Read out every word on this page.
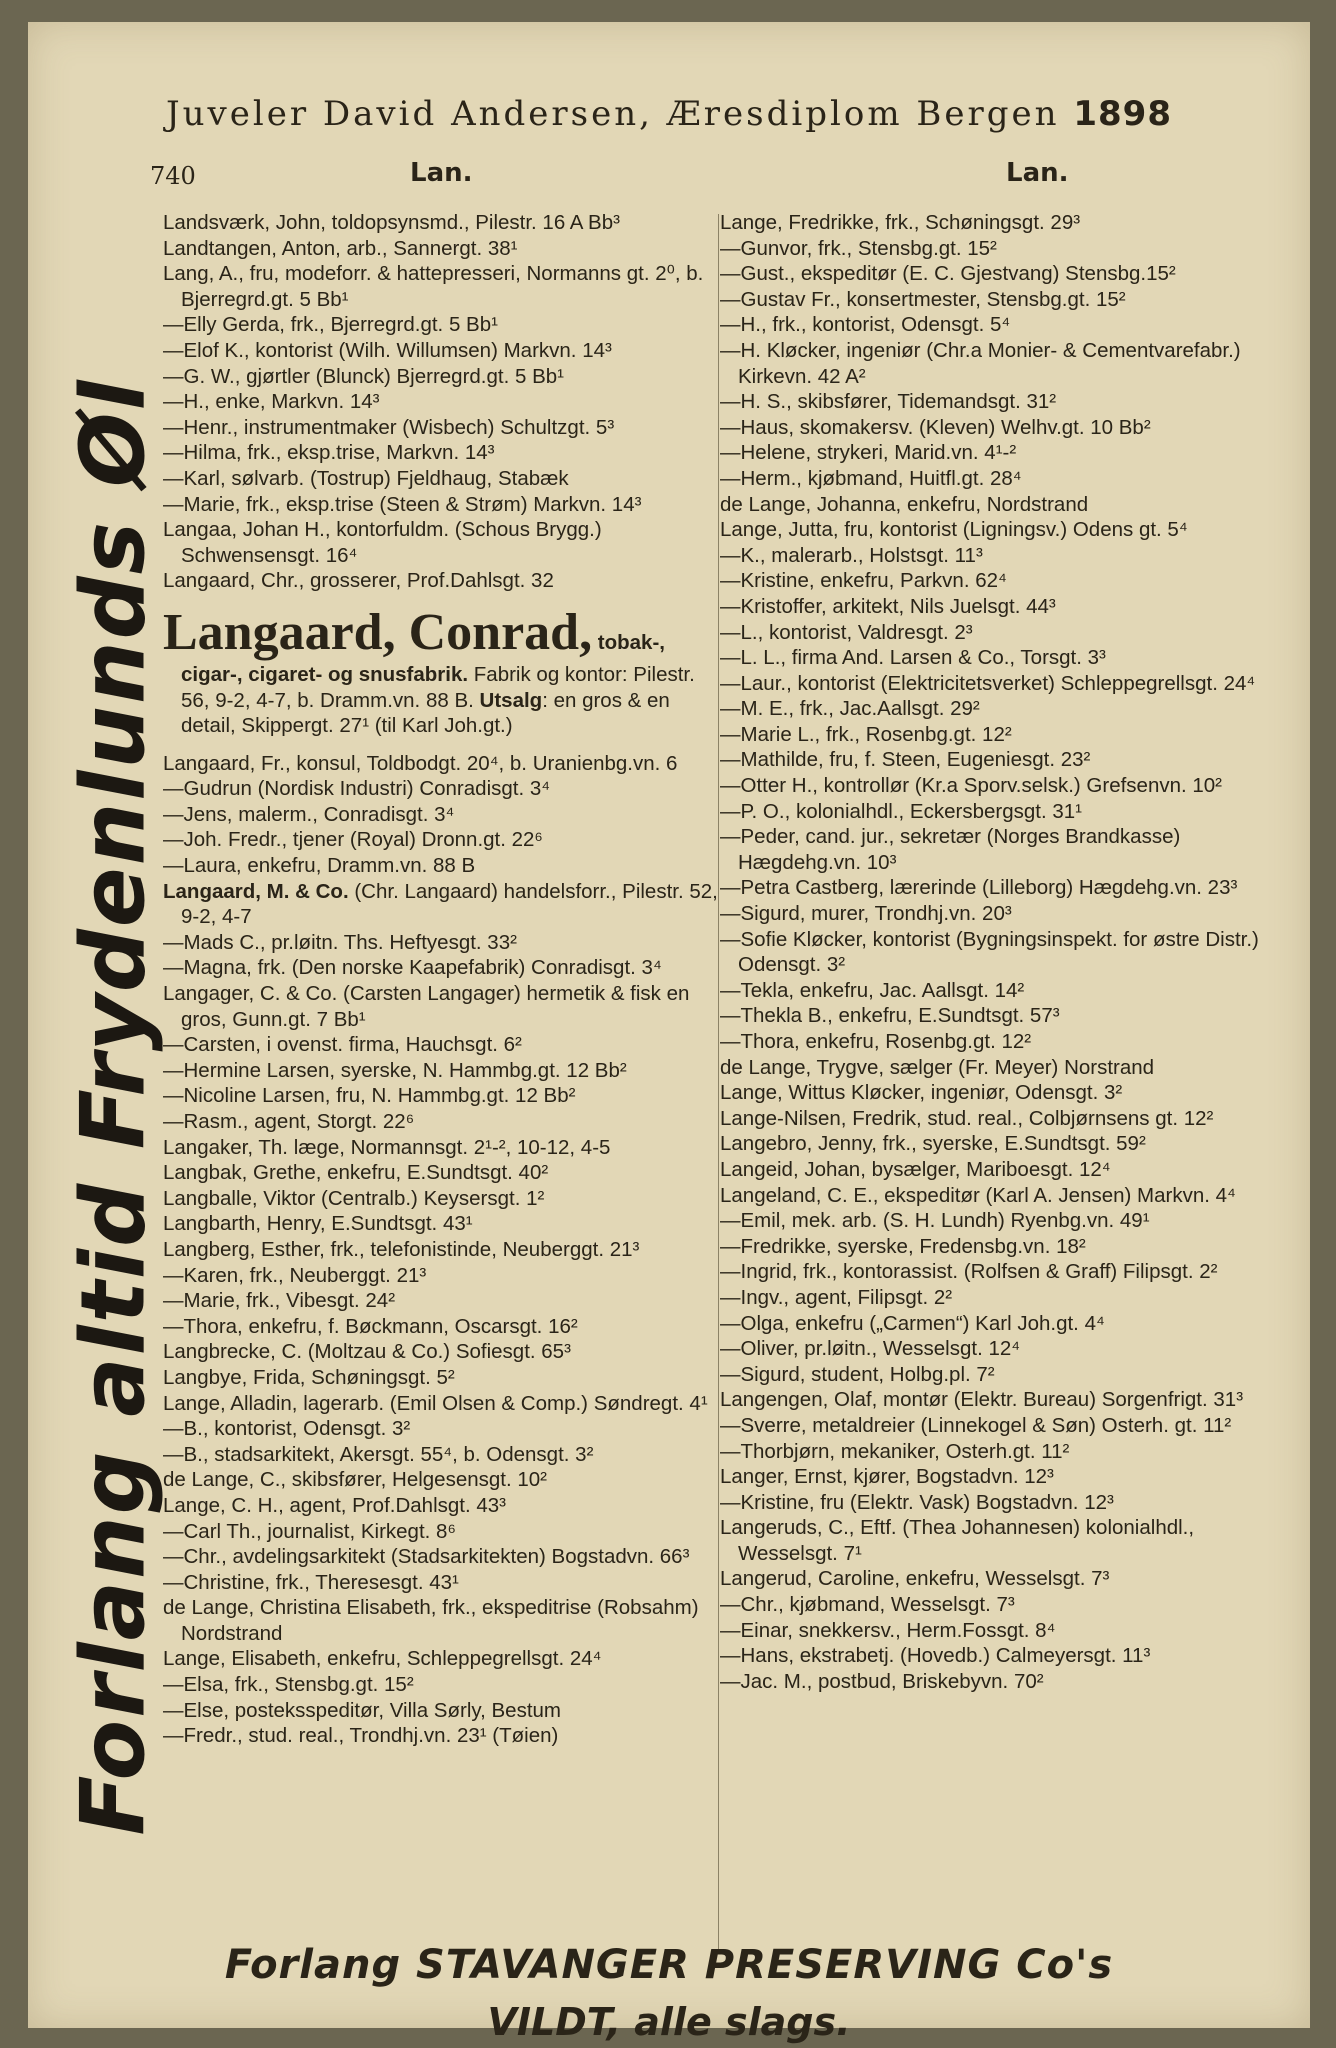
Juveler David Andersen, Æresdiplom Bergen 1898
740	Lan.	Lan.
Forlang altid Frydenlunds Øl

Landsværk, John, toldopsynsmd., Pilestr. 16 A Bb³

Landtangen, Anton, arb., Sannergt. 38¹

Lang, A., fru, modeforr. & hattepresseri, Normanns gt. 2⁰, b. Bjerregrd.gt. 5 Bb¹

—Elly Gerda, frk., Bjerregrd.gt. 5 Bb¹

—Elof K., kontorist (Wilh. Willumsen) Markvn. 14³

—G. W., gjørtler (Blunck) Bjerregrd.gt. 5 Bb¹

—H., enke, Markvn. 14³

—Henr., instrumentmaker (Wisbech) Schultzgt. 5³

—Hilma, frk., eksp.trise, Markvn. 14³

—Karl, sølvarb. (Tostrup) Fjeldhaug, Stabæk

—Marie, frk., eksp.trise (Steen & Strøm) Markvn. 14³

Langaa, Johan H., kontorfuldm. (Schous Brygg.) Schwensensgt. 16⁴

Langaard, Chr., grosserer, Prof.Dahlsgt. 32

Langaard, Conrad, tobak-, cigar-, cigaret- og snusfabrik. Fabrik og kontor: Pilestr. 56, 9-2, 4-7, b. Dramm.vn. 88 B. Utsalg: en gros & en detail, Skippergt. 27¹ (til Karl Joh.gt.)

Langaard, Fr., konsul, Toldbodgt. 20⁴, b. Uranienbg.vn. 6

—Gudrun (Nordisk Industri) Conradisgt. 3⁴

—Jens, malerm., Conradisgt. 3⁴

—Joh. Fredr., tjener (Royal) Dronn.gt. 22⁶

—Laura, enkefru, Dramm.vn. 88 B

Langaard, M. & Co. (Chr. Langaard) handelsforr., Pilestr. 52, 9-2, 4-7

—Mads C., pr.løitn. Ths. Heftyesgt. 33²

—Magna, frk. (Den norske Kaapefabrik) Conradisgt. 3⁴

Langager, C. & Co. (Carsten Langager) hermetik & fisk en gros, Gunn.gt. 7 Bb¹

—Carsten, i ovenst. firma, Hauchsgt. 6²

—Hermine Larsen, syerske, N. Hammbg.gt. 12 Bb²

—Nicoline Larsen, fru, N. Hammbg.gt. 12 Bb²

—Rasm., agent, Storgt. 22⁶

Langaker, Th. læge, Normannsgt. 2¹-², 10-12, 4-5

Langbak, Grethe, enkefru, E.Sundtsgt. 40²

Langballe, Viktor (Centralb.) Keysersgt. 1²

Langbarth, Henry, E.Sundtsgt. 43¹

Langberg, Esther, frk., telefonistinde, Neuberggt. 21³

—Karen, frk., Neuberggt. 21³

—Marie, frk., Vibesgt. 24²

—Thora, enkefru, f. Bøckmann, Oscarsgt. 16²

Langbrecke, C. (Moltzau & Co.) Sofiesgt. 65³

Langbye, Frida, Schøningsgt. 5²

Lange, Alladin, lagerarb. (Emil Olsen & Comp.) Søndregt. 4¹

—B., kontorist, Odensgt. 3²

—B., stadsarkitekt, Akersgt. 55⁴, b. Odensgt. 3²

de Lange, C., skibsfører, Helgesensgt. 10²

Lange, C. H., agent, Prof.Dahlsgt. 43³

—Carl Th., journalist, Kirkegt. 8⁶

—Chr., avdelingsarkitekt (Stadsarkitekten) Bogstadvn. 66³

—Christine, frk., Theresesgt. 43¹

de Lange, Christina Elisabeth, frk., ekspeditrise (Robsahm) Nordstrand

Lange, Elisabeth, enkefru, Schleppegrellsgt. 24⁴

—Elsa, frk., Stensbg.gt. 15²

—Else, posteksspeditør, Villa Sørly, Bestum

—Fredr., stud. real., Trondhj.vn. 23¹ (Tøien)

Lange, Fredrikke, frk., Schøningsgt. 29³

—Gunvor, frk., Stensbg.gt. 15²

—Gust., ekspeditør (E. C. Gjestvang) Stensbg.15²

—Gustav Fr., konsertmester, Stensbg.gt. 15²

—H., frk., kontorist, Odensgt. 5⁴

—H. Kløcker, ingeniør (Chr.a Monier- & Cementvarefabr.) Kirkevn. 42 A²

—H. S., skibsfører, Tidemandsgt. 31²

—Haus, skomakersv. (Kleven) Welhv.gt. 10 Bb²

—Helene, strykeri, Marid.vn. 4¹-²

—Herm., kjøbmand, Huitfl.gt. 28⁴

de Lange, Johanna, enkefru, Nordstrand

Lange, Jutta, fru, kontorist (Ligningsv.) Odens gt. 5⁴

—K., malerarb., Holstsgt. 11³

—Kristine, enkefru, Parkvn. 62⁴

—Kristoffer, arkitekt, Nils Juelsgt. 44³

—L., kontorist, Valdresgt. 2³

—L. L., firma And. Larsen & Co., Torsgt. 3³

—Laur., kontorist (Elektricitetsverket) Schleppegrellsgt. 24⁴

—M. E., frk., Jac.Aallsgt. 29²

—Marie L., frk., Rosenbg.gt. 12²

—Mathilde, fru, f. Steen, Eugeniesgt. 23²

—Otter H., kontrollør (Kr.a Sporv.selsk.) Grefsenvn. 10²

—P. O., kolonialhdl., Eckersbergsgt. 31¹

—Peder, cand. jur., sekretær (Norges Brandkasse) Hægdehg.vn. 10³

—Petra Castberg, lærerinde (Lilleborg) Hægdehg.vn. 23³

—Sigurd, murer, Trondhj.vn. 20³

—Sofie Kløcker, kontorist (Bygningsinspekt. for østre Distr.) Odensgt. 3²

—Tekla, enkefru, Jac. Aallsgt. 14²

—Thekla B., enkefru, E.Sundtsgt. 57³

—Thora, enkefru, Rosenbg.gt. 12²

de Lange, Trygve, sælger (Fr. Meyer) Norstrand

Lange, Wittus Kløcker, ingeniør, Odensgt. 3²

Lange-Nilsen, Fredrik, stud. real., Colbjørnsens gt. 12²

Langebro, Jenny, frk., syerske, E.Sundtsgt. 59²

Langeid, Johan, bysælger, Mariboesgt. 12⁴

Langeland, C. E., ekspeditør (Karl A. Jensen) Markvn. 4⁴

—Emil, mek. arb. (S. H. Lundh) Ryenbg.vn. 49¹

—Fredrikke, syerske, Fredensbg.vn. 18²

—Ingrid, frk., kontorassist. (Rolfsen & Graff) Filipsgt. 2²

—Ingv., agent, Filipsgt. 2²

—Olga, enkefru („Carmen“) Karl Joh.gt. 4⁴

—Oliver, pr.løitn., Wesselsgt. 12⁴

—Sigurd, student, Holbg.pl. 7²

Langengen, Olaf, montør (Elektr. Bureau) Sorgenfrigt. 31³

—Sverre, metaldreier (Linnekogel & Søn) Osterh. gt. 11²

—Thorbjørn, mekaniker, Osterh.gt. 11²

Langer, Ernst, kjører, Bogstadvn. 12³

—Kristine, fru (Elektr. Vask) Bogstadvn. 12³

Langeruds, C., Eftf. (Thea Johannesen) kolonialhdl., Wesselsgt. 7¹

Langerud, Caroline, enkefru, Wesselsgt. 7³

—Chr., kjøbmand, Wesselsgt. 7³

—Einar, snekkersv., Herm.Fossgt. 8⁴

—Hans, ekstrabetj. (Hovedb.) Calmeyersgt. 11³

—Jac. M., postbud, Briskebyvn. 70²

Forlang STAVANGER PRESERVING Co's
VILDT, alle slags.
